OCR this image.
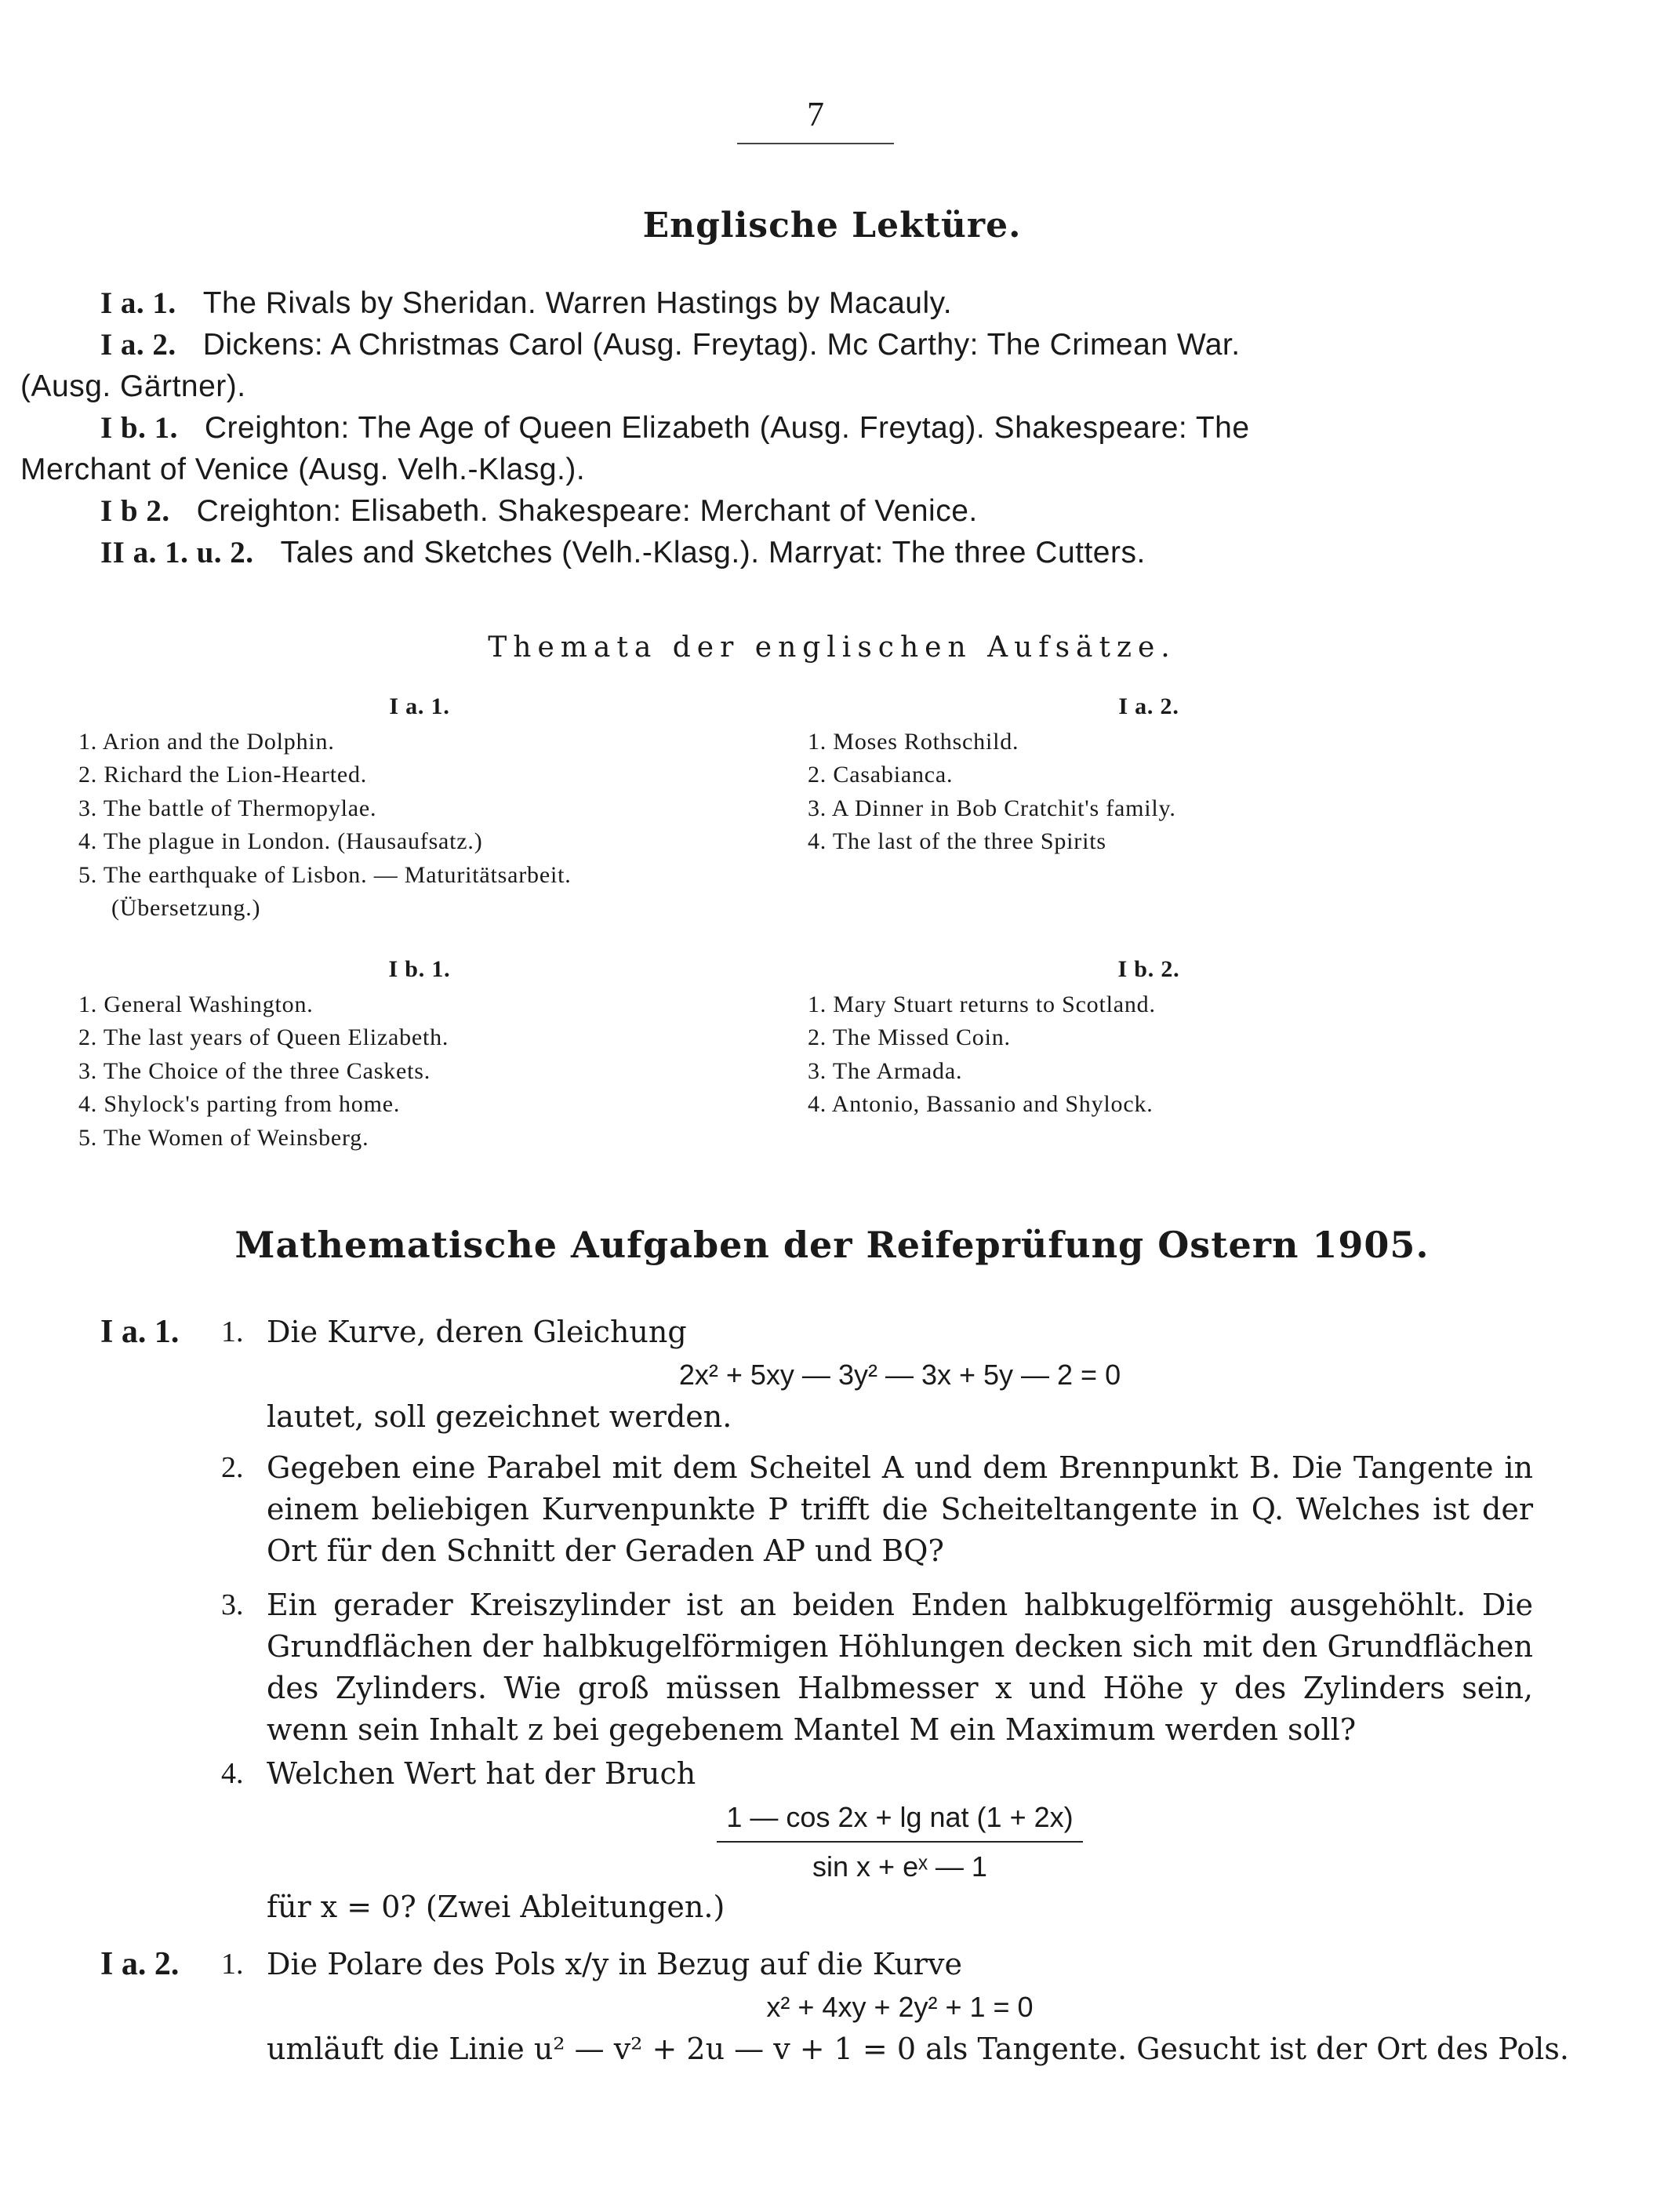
7
Englische Lektüre.
I a. 1. The Rivals by Sheridan. Warren Hastings by Macauly.
I a. 2. Dickens: A Christmas Carol (Ausg. Freytag). Mc Carthy: The Crimean War.
(Ausg. Gärtner).
I b. 1. Creighton: The Age of Queen Elizabeth (Ausg. Freytag). Shakespeare: The
Merchant of Venice (Ausg. Velh.-Klasg.).
I b 2. Creighton: Elisabeth. Shakespeare: Merchant of Venice.
II a. 1. u. 2. Tales and Sketches (Velh.-Klasg.). Marryat: The three Cutters.
Themata der englischen Aufsätze.
I a. 1.
1. Arion and the Dolphin.
2. Richard the Lion-Hearted.
3. The battle of Thermopylae.
4. The plague in London. (Hausaufsatz.)
5. The earthquake of Lisbon. — Maturitätsarbeit.
(Übersetzung.)
I a. 2.
1. Moses Rothschild.
2. Casabianca.
3. A Dinner in Bob Cratchit's family.
4. The last of the three Spirits
I b. 1.
1. General Washington.
2. The last years of Queen Elizabeth.
3. The Choice of the three Caskets.
4. Shylock's parting from home.
5. The Women of Weinsberg.
I b. 2.
1. Mary Stuart returns to Scotland.
2. The Missed Coin.
3. The Armada.
4. Antonio, Bassanio and Shylock.
Mathematische Aufgaben der Reifeprüfung Ostern 1905.
I a. 1. 1. Die Kurve, deren Gleichung
2x² + 5xy — 3y² — 3x + 5y — 2 = 0
lautet, soll gezeichnet werden.
2. Gegeben eine Parabel mit dem Scheitel A und dem Brennpunkt B. Die Tangente in einem beliebigen Kurvenpunkte P trifft die Scheiteltangente in Q. Welches ist der Ort für den Schnitt der Geraden AP und BQ?
3. Ein gerader Kreiszylinder ist an beiden Enden halbkugelförmig ausgehöhlt. Die Grundflächen der halbkugelförmigen Höhlungen decken sich mit den Grundflächen des Zylinders. Wie groß müssen Halbmesser x und Höhe y des Zylinders sein, wenn sein Inhalt z bei gegebenem Mantel M ein Maximum werden soll?
4. Welchen Wert hat der Bruch
$\frac{\text{1 — cos 2x + lg nat (1 + 2x)}}{\text{sin x + eˣ — 1}}$
für x = 0? (Zwei Ableitungen.)
I a. 2. 1. Die Polare des Pols x/y in Bezug auf die Kurve
x² + 4xy + 2y² + 1 = 0
umläuft die Linie u² — v² + 2u — v + 1 = 0 als Tangente. Gesucht ist der Ort des Pols.
